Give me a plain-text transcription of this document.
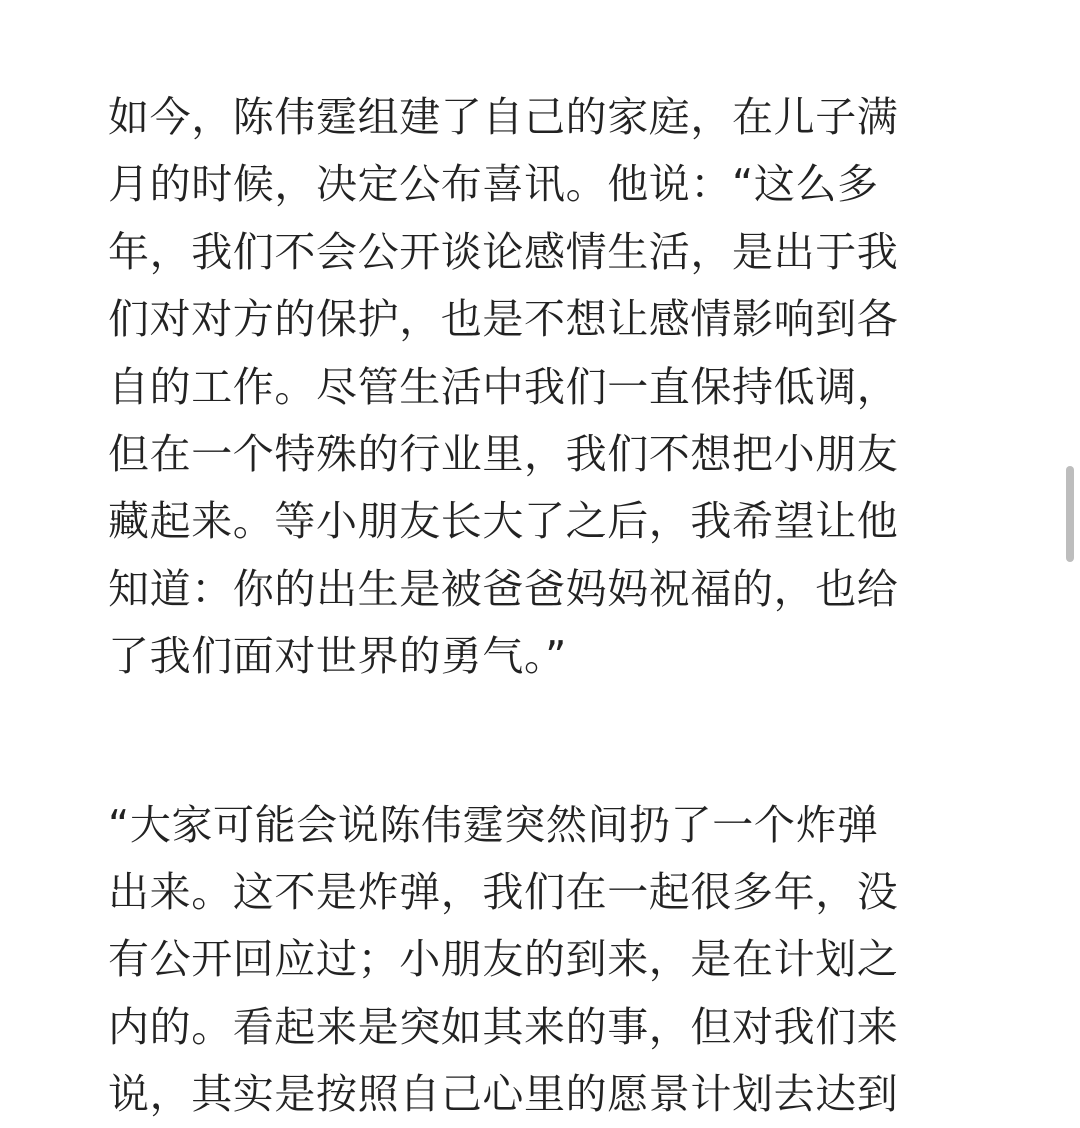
如今，陈伟霆组建了自己的家庭，在儿子满
月的时候，决定公布喜讯。他说：“这么多
年，我们不会公开谈论感情生活，是出于我
们对对方的保护，也是不想让感情影响到各
自的工作。尽管生活中我们一直保持低调，
但在一个特殊的行业里，我们不想把小朋友
藏起来。等小朋友长大了之后，我希望让他
知道：你的出生是被爸爸妈妈祝福的，也给
了我们面对世界的勇气。”
“大家可能会说陈伟霆突然间扔了一个炸弹
出来。这不是炸弹，我们在一起很多年，没
有公开回应过；小朋友的到来，是在计划之
内的。看起来是突如其来的事，但对我们来
说，其实是按照自己心里的愿景计划去达到
